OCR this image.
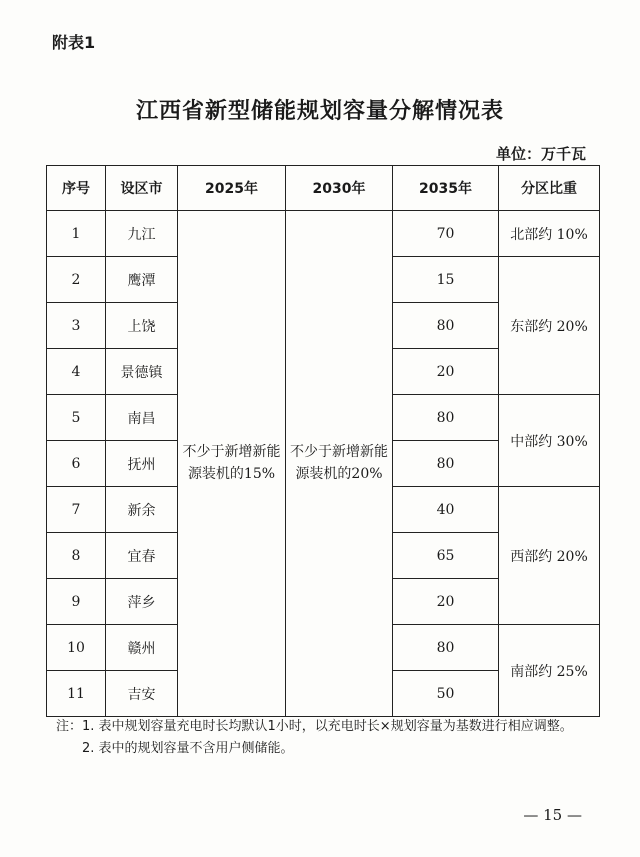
附表1
江西省新型储能规划容量分解情况表
单位：万千瓦
序号	设区市	2025年	2030年	2035年	分区比重
1	九江	不少于新增新能源装机的15%	不少于新增新能源装机的20%	70	北部约 10%
2	鹰潭			15	东部约 20%
3	上饶			80	
4	景德镇			20	
5	南昌			80	中部约 30%
6	抚州			80	
7	新余			40	西部约 20%
8	宜春			65	
9	萍乡			20	
10	赣州			80	南部约 25%
11	吉安			50	
注：1. 表中规划容量充电时长均默认1小时，以充电时长×规划容量为基数进行相应调整。
2. 表中的规划容量不含用户侧储能。
— 15 —
